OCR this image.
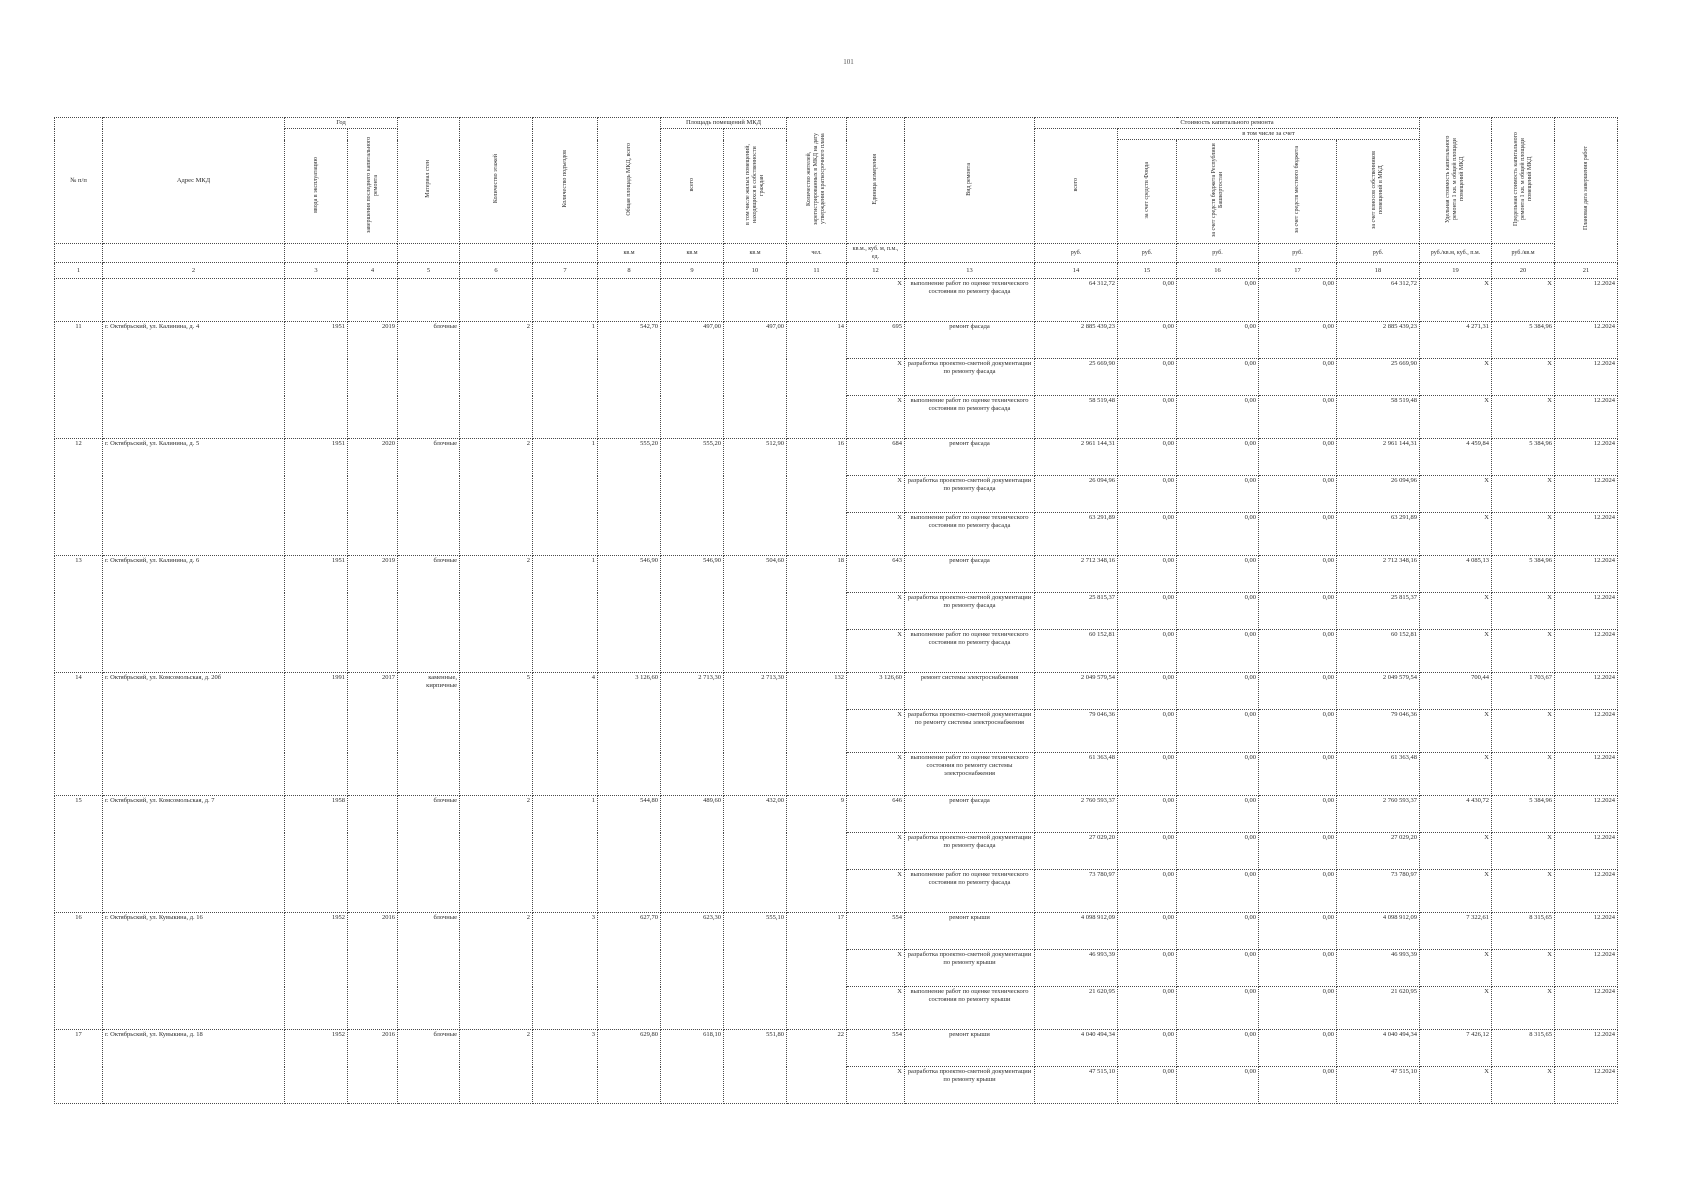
101
№ п/п	Адрес МКД	Год		Материал стен	Количество этажей	Количество подъездов	Общая площадь МКД, всего	Площадь помещений МКД		Количество жителей, зарегистрированных в МКД на дату утверждения краткосрочного плана	Единица измерения	Вид ремонта	Стоимость капитального ремонта					Удельная стоимость капитального ремонта 1 кв. м общей площади помещений МКД	Предельная стоимость капитального ремонта 1 кв. м общей площади помещений МКД	Плановая дата завершения работ
		ввода в эксплуатацию	завершения последнего капитального ремонта					всего	в том числе жилых помещений, находящихся в собственности граждан				всего	в том числе за счет						
														за счет средств Фонда	за счет средств бюджета Республики Башкортостан	за счет средств местного бюджета	за счет взносов собственников помещений в МКД			
							кв.м	кв.м	кв.м	чел.	кв.м., куб. м, п.м., ед.		руб.	руб.	руб.	руб.	руб.	руб./кв.м, куб., п.м.	руб./кв.м	
1	2	3	4	5	6	7	8	9	10	11	12	13	14	15	16	17	18	19	20	21
											X	выполнение работ по оценке технического состояния по ремонту фасада	64 312,72	0,00	0,00	0,00	64 312,72	X	X	12.2024
11	г. Октябрьский, ул. Калинина, д. 4	1951	2019	блочные	2	1	542,70	497,00	497,00	14	695	ремонт фасада	2 885 439,23	0,00	0,00	0,00	2 885 439,23	4 271,31	5 384,96	12.2024
											X	разработка проектно-сметной документации по ремонту фасада	25 669,90	0,00	0,00	0,00	25 669,90	X	X	12.2024
											X	выполнение работ по оценке технического состояния по ремонту фасада	58 519,48	0,00	0,00	0,00	58 519,48	X	X	12.2024
12	г. Октябрьский, ул. Калинина, д. 5	1951	2020	блочные	2	1	555,20	555,20	512,90	16	684	ремонт фасада	2 961 144,31	0,00	0,00	0,00	2 961 144,31	4 459,84	5 384,96	12.2024
											X	разработка проектно-сметной документации по ремонту фасада	26 094,96	0,00	0,00	0,00	26 094,96	X	X	12.2024
											X	выполнение работ по оценке технического состояния по ремонту фасада	63 291,89	0,00	0,00	0,00	63 291,89	X	X	12.2024
13	г. Октябрьский, ул. Калинина, д. 6	1951	2019	блочные	2	1	546,90	546,90	504,60	18	643	ремонт фасада	2 712 348,16	0,00	0,00	0,00	2 712 348,16	4 085,13	5 384,96	12.2024
											X	разработка проектно-сметной документации по ремонту фасада	25 815,37	0,00	0,00	0,00	25 815,37	X	X	12.2024
											X	выполнение работ по оценке технического состояния по ремонту фасада	60 152,81	0,00	0,00	0,00	60 152,81	X	X	12.2024
14	г. Октябрьский, ул. Комсомольская, д. 20б	1991	2017	каменные, кирпичные	5	4	3 126,60	2 713,30	2 713,30	132	3 126,60	ремонт системы электроснабжения	2 049 579,54	0,00	0,00	0,00	2 049 579,54	700,44	1 703,67	12.2024
											X	разработка проектно-сметной документации по ремонту системы электроснабжения	79 046,36	0,00	0,00	0,00	79 046,36	X	X	12.2024
											X	выполнение работ по оценке технического состояния по ремонту системы электроснабжения	61 363,48	0,00	0,00	0,00	61 363,48	X	X	12.2024
15	г. Октябрьский, ул. Комсомольская, д. 7	1958		блочные	2	1	544,80	489,60	432,00	9	646	ремонт фасада	2 760 593,37	0,00	0,00	0,00	2 760 593,37	4 430,72	5 384,96	12.2024
											X	разработка проектно-сметной документации по ремонту фасада	27 029,20	0,00	0,00	0,00	27 029,20	X	X	12.2024
											X	выполнение работ по оценке технического состояния по ремонту фасада	73 780,97	0,00	0,00	0,00	73 780,97	X	X	12.2024
16	г. Октябрьский, ул. Кувыкина, д. 16	1952	2016	блочные	2	3	627,70	623,30	555,10	17	554	ремонт крыши	4 098 912,09	0,00	0,00	0,00	4 098 912,09	7 322,61	8 315,65	12.2024
											X	разработка проектно-сметной документации по ремонту крыши	46 993,39	0,00	0,00	0,00	46 993,39	X	X	12.2024
											X	выполнение работ по оценке технического состояния по ремонту крыши	21 620,95	0,00	0,00	0,00	21 620,95	X	X	12.2024
17	г. Октябрьский, ул. Кувыкина, д. 18	1952	2016	блочные	2	3	629,80	618,10	551,80	22	554	ремонт крыши	4 040 494,34	0,00	0,00	0,00	4 040 494,34	7 426,12	8 315,65	12.2024
											X	разработка проектно-сметной документации по ремонту крыши	47 515,10	0,00	0,00	0,00	47 515,10	X	X	12.2024
